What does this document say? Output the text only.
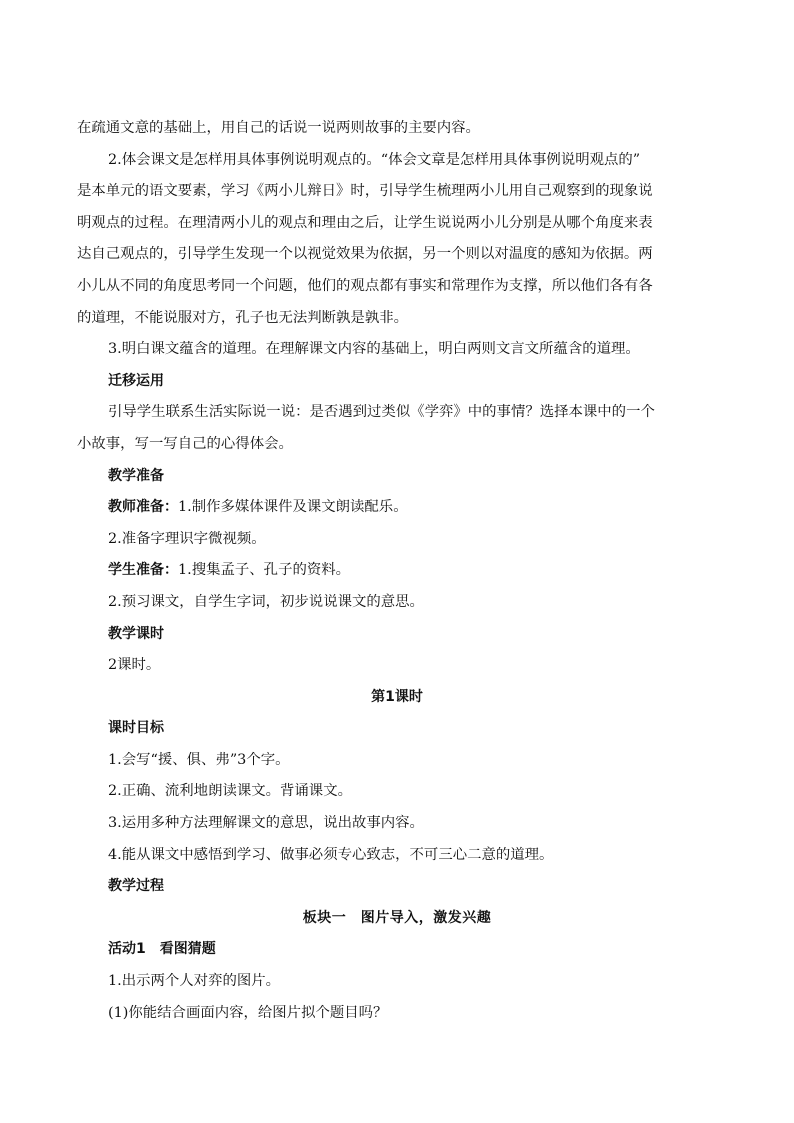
在疏通文意的基础上，用自己的话说一说两则故事的主要内容。

2.体会课文是怎样用具体事例说明观点的。“体会文章是怎样用具体事例说明观点的”

是本单元的语文要素，学习《两小儿辩日》时，引导学生梳理两小儿用自己观察到的现象说

明观点的过程。在理清两小儿的观点和理由之后，让学生说说两小儿分别是从哪个角度来表

达自己观点的，引导学生发现一个以视觉效果为依据，另一个则以对温度的感知为依据。两

小儿从不同的角度思考同一个问题，他们的观点都有事实和常理作为支撑，所以他们各有各

的道理，不能说服对方，孔子也无法判断孰是孰非。

3.明白课文蕴含的道理。在理解课文内容的基础上，明白两则文言文所蕴含的道理。

迁移运用

引导学生联系生活实际说一说：是否遇到过类似《学弈》中的事情？选择本课中的一个

小故事，写一写自己的心得体会。

教学准备

教师准备：1.制作多媒体课件及课文朗读配乐。

2.准备字理识字微视频。

学生准备：1.搜集孟子、孔子的资料。

2.预习课文，自学生字词，初步说说课文的意思。

教学课时

2课时。

第1课时

课时目标

1.会写“援、俱、弗”3个字。

2.正确、流利地朗读课文。背诵课文。

3.运用多种方法理解课文的意思，说出故事内容。

4.能从课文中感悟到学习、做事必须专心致志，不可三心二意的道理。

教学过程

板块一　图片导入，激发兴趣

活动1　看图猜题

1.出示两个人对弈的图片。

(1)你能结合画面内容，给图片拟个题目吗？
